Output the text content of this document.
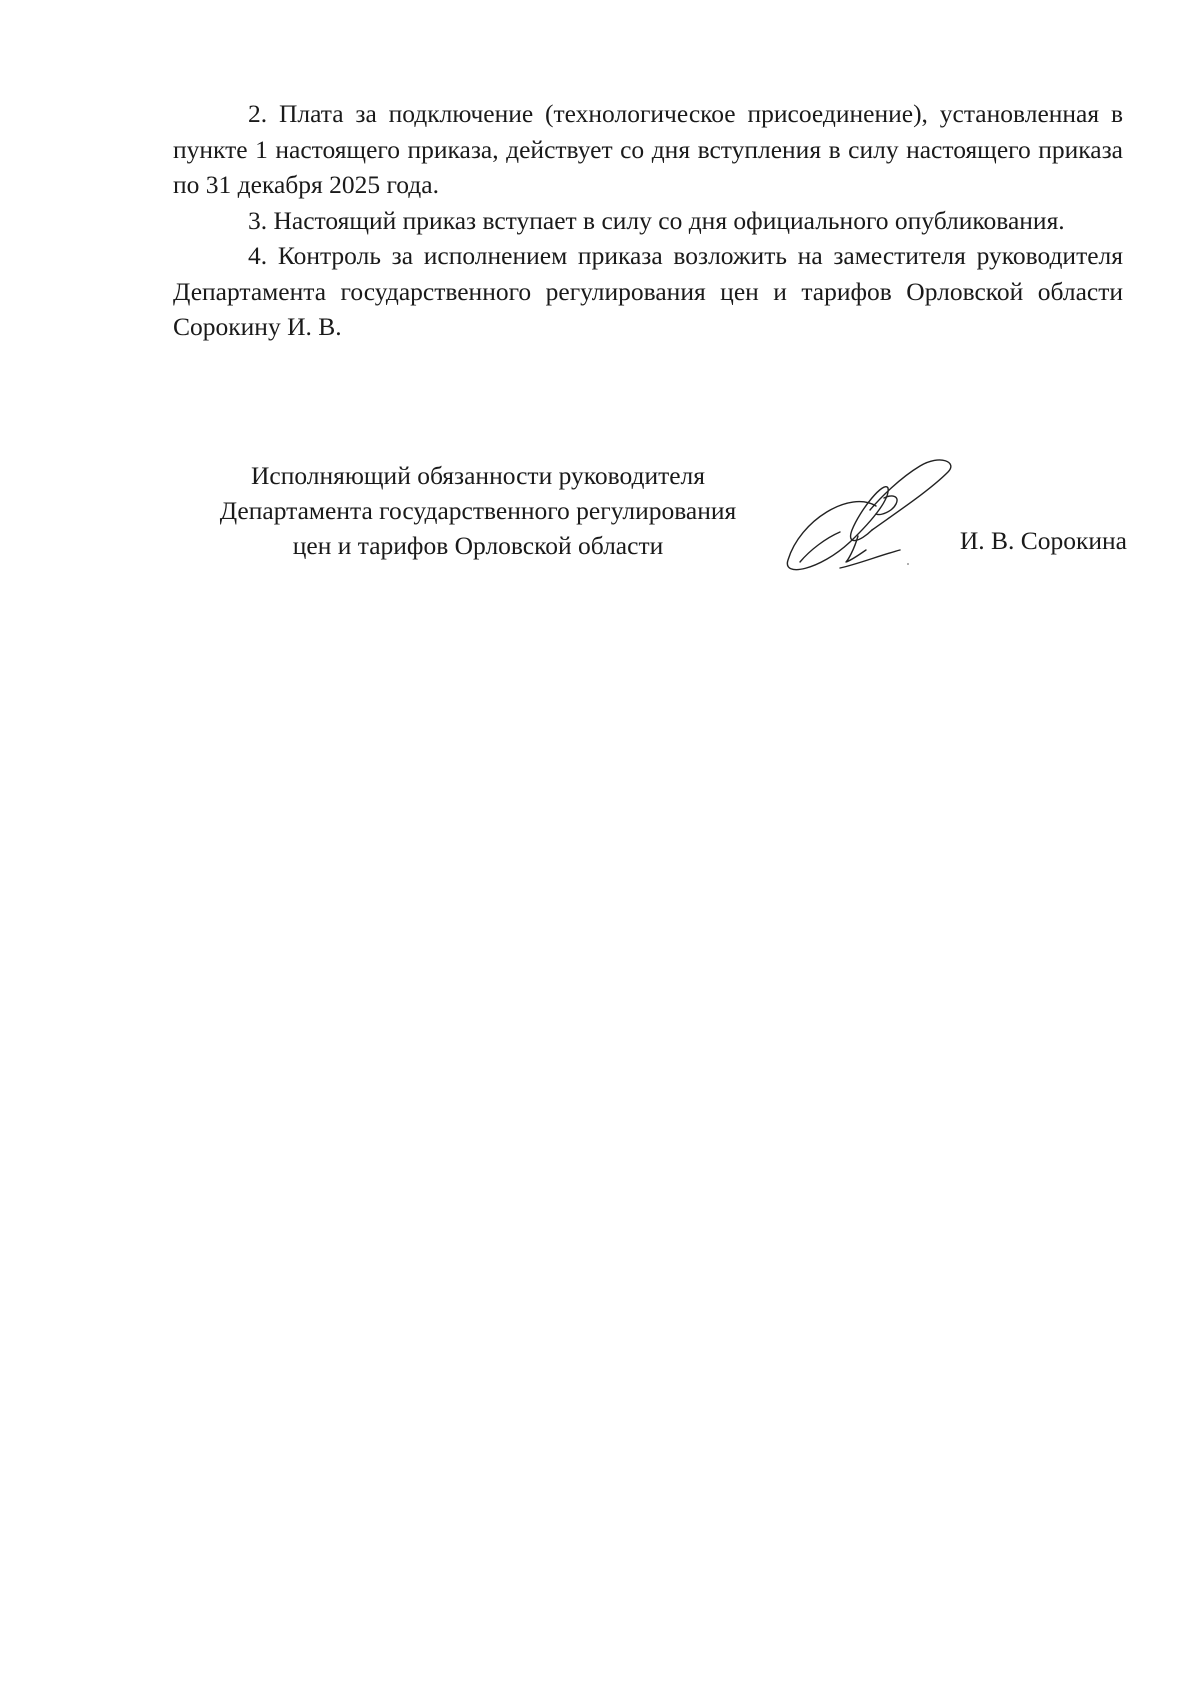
2. Плата за подключение (технологическое присоединение), установленная в пункте 1 настоящего приказа, действует со дня вступления в силу настоящего приказа по 31 декабря 2025 года.

3. Настоящий приказ вступает в силу со дня официального опубликования.

4. Контроль за исполнением приказа возложить на заместителя руководителя Департамента государственного регулирования цен и тарифов Орловской области Сорокину И. В.

Исполняющий обязанности руководителя
Департамента государственного регулирования
цен и тарифов Орловской области	И. В. Сорокина
